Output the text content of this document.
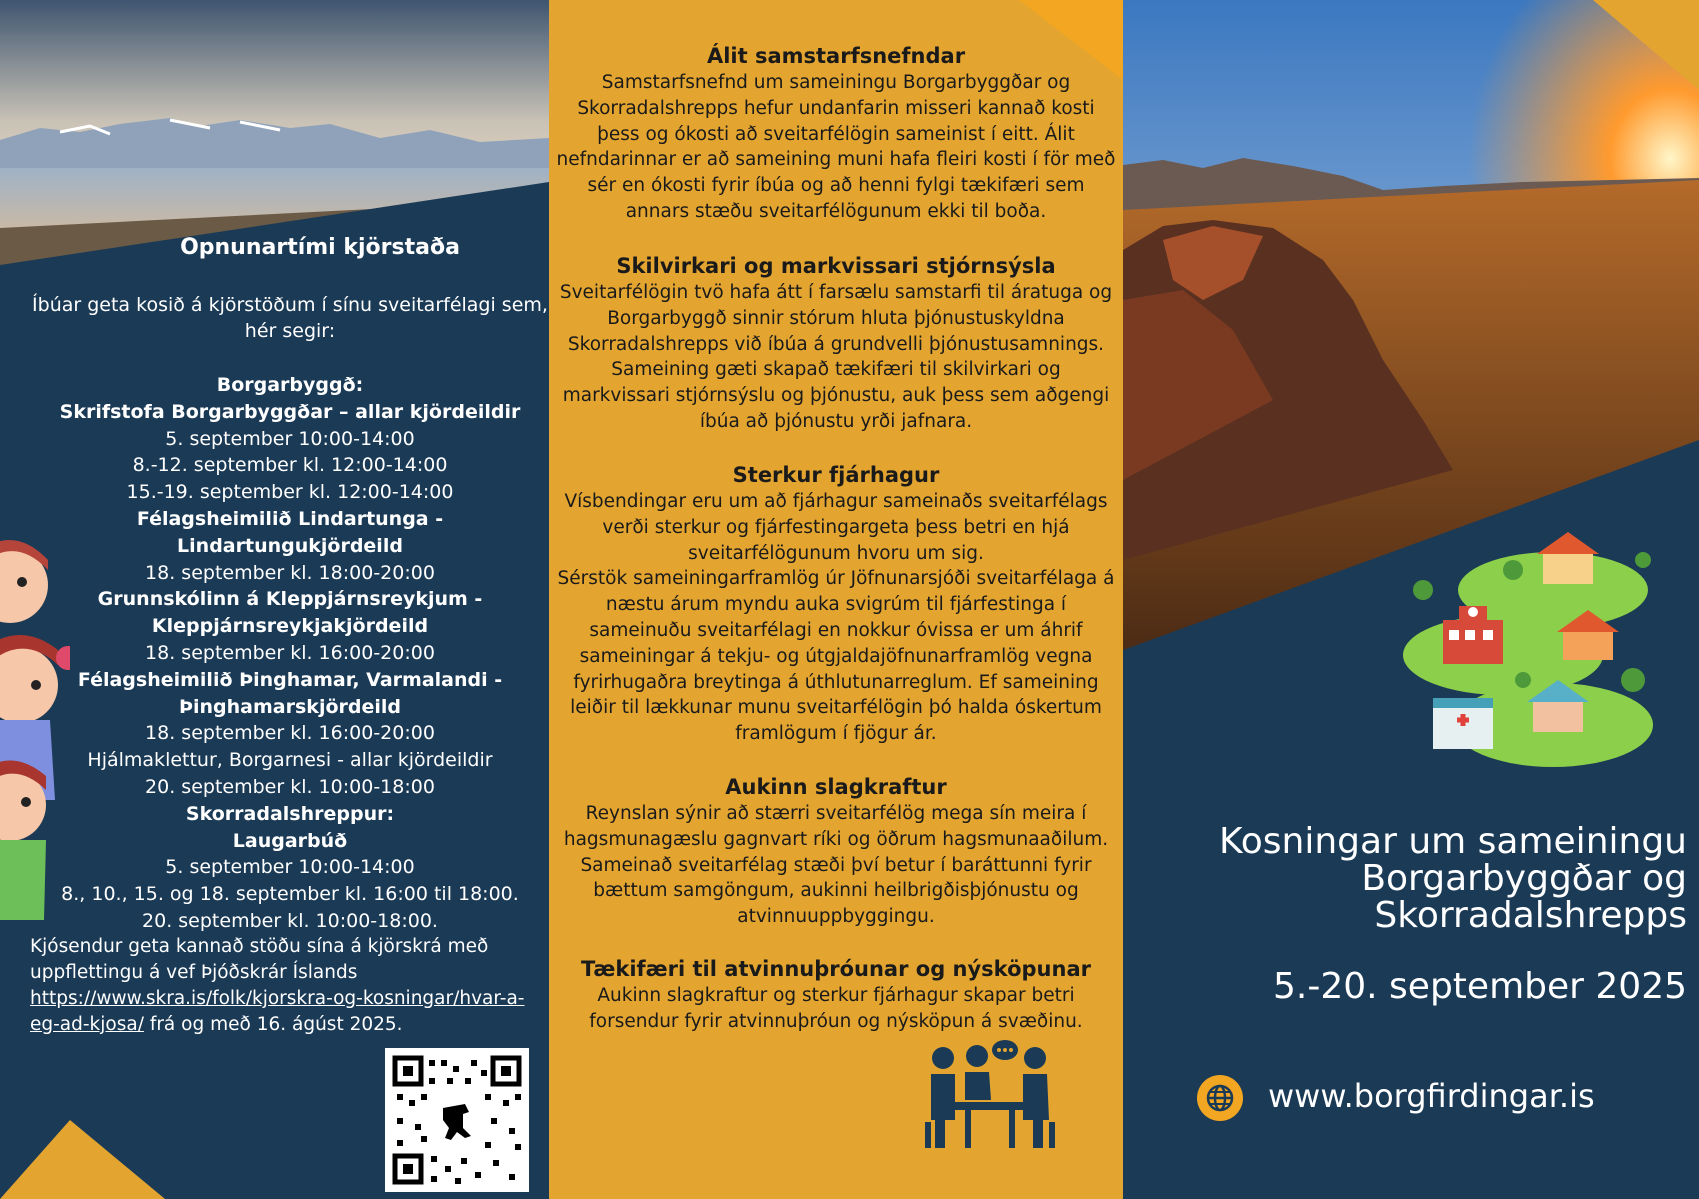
Opnunartími kjörstaða
Íbúar geta kosið á kjörstöðum í sínu sveitarfélagi sem, hér segir:
Borgarbyggð:
Skrifstofa Borgarbyggðar – allar kjördeildir
5. september 10:00-14:00
8.-12. september kl. 12:00-14:00
15.-19. september kl. 12:00-14:00
Félagsheimilið Lindartunga - Lindartungukjördeild
18. september kl. 18:00-20:00
Grunnskólinn á Kleppjárnsreykjum -
Kleppjárnsreykjakjördeild
18. september kl. 16:00-20:00
Félagsheimilið Þinghamar, Varmalandi -
Þinghamarskjördeild
18. september kl. 16:00-20:00
Hjálmaklettur, Borgarnesi - allar kjördeildir
20. september kl. 10:00-18:00
Skorradalshreppur:
Laugarbúð
5. september 10:00-14:00
8., 10., 15. og 18. september kl. 16:00 til 18:00.
20. september kl. 10:00-18:00.
Kjósendur geta kannað stöðu sína á kjörskrá með uppflettingu á vef Þjóðskrár Íslands https://www.skra.is/folk/kjorskra-og-kosningar/hvar-a-eg-ad-kjosa/ frá og með 16. ágúst 2025.
Álit samstarfsnefndar

Samstarfsnefnd um sameiningu Borgarbyggðar og Skorradalshrepps hefur undanfarin misseri kannað kosti þess og ókosti að sveitarfélögin sameinist í eitt. Álit nefndarinnar er að sameining muni hafa fleiri kosti í för með sér en ókosti fyrir íbúa og að henni fylgi tækifæri sem annars stæðu sveitarfélögunum ekki til boða.

Skilvirkari og markvissari stjórnsýsla

Sveitarfélögin tvö hafa átt í farsælu samstarfi til áratuga og Borgarbyggð sinnir stórum hluta þjónustuskyldna Skorradalshrepps við íbúa á grundvelli þjónustusamnings. Sameining gæti skapað tækifæri til skilvirkari og markvissari stjórnsýslu og þjónustu, auk þess sem aðgengi íbúa að þjónustu yrði jafnara.

Sterkur fjárhagur

Vísbendingar eru um að fjárhagur sameinaðs sveitarfélags verði sterkur og fjárfestingargeta þess betri en hjá sveitarfélögunum hvoru um sig.

Sérstök sameiningarframlög úr Jöfnunarsjóði sveitarfélaga á næstu árum myndu auka svigrúm til fjárfestinga í sameinuðu sveitarfélagi en nokkur óvissa er um áhrif sameiningar á tekju- og útgjaldajöfnunarframlög vegna fyrirhugaðra breytinga á úthlutunarreglum. Ef sameining leiðir til lækkunar munu sveitarfélögin þó halda óskertum framlögum í fjögur ár.

Aukinn slagkraftur

Reynslan sýnir að stærri sveitarfélög mega sín meira í hagsmunagæslu gagnvart ríki og öðrum hagsmunaaðilum. Sameinað sveitarfélag stæði því betur í baráttunni fyrir bættum samgöngum, aukinni heilbrigðisþjónustu og atvinnuuppbyggingu.

Tækifæri til atvinnuþróunar og nýsköpunar

Aukinn slagkraftur og sterkur fjárhagur skapar betri forsendur fyrir atvinnuþróun og nýsköpun á svæðinu.

Kosningar um sameiningu
Borgarbyggðar og
Skorradalshrepps
5.-20. september 2025
www.borgfirdingar.is
